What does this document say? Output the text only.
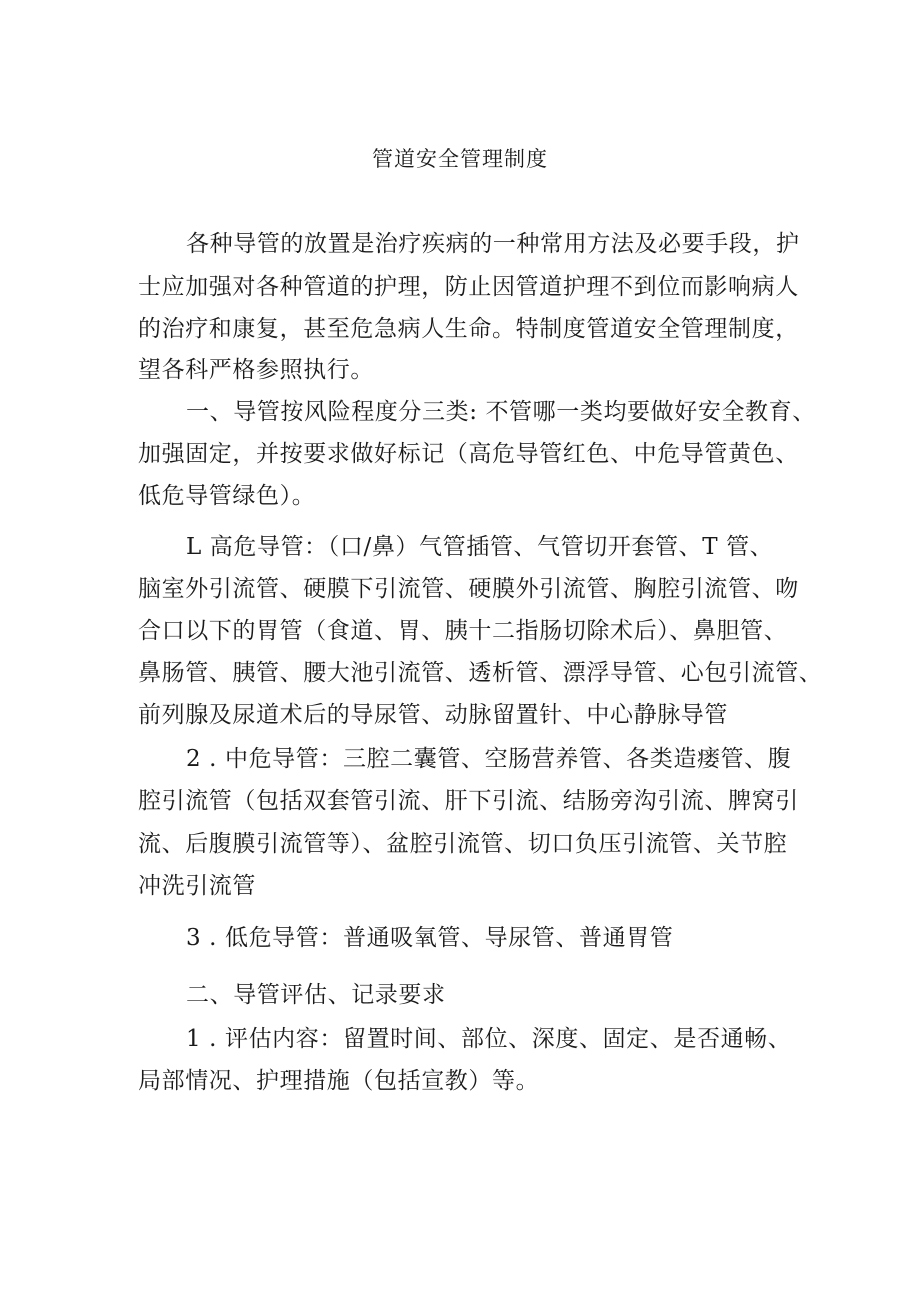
管道安全管理制度
各种导管的放置是治疗疾病的一种常用方法及必要手段，护
士应加强对各种管道的护理，防止因管道护理不到位而影响病人
的治疗和康复，甚至危急病人生命。特制度管道安全管理制度，
望各科严格参照执行。
一、导管按风险程度分三类: 不管哪一类均要做好安全教育、
加强固定，并按要求做好标记（高危导管红色、中危导管黄色、
低危导管绿色）。
L 高危导管：（口/鼻）气管插管、气管切开套管、T 管、
脑室外引流管、硬膜下引流管、硬膜外引流管、胸腔引流管、吻
合口以下的胃管（食道、胃、胰十二指肠切除术后）、鼻胆管、
鼻肠管、胰管、腰大池引流管、透析管、漂浮导管、心包引流管、
前列腺及尿道术后的导尿管、动脉留置针、中心静脉导管
2 . 中危导管：三腔二囊管、空肠营养管、各类造瘘管、腹
腔引流管（包括双套管引流、肝下引流、结肠旁沟引流、脾窝引
流、后腹膜引流管等）、盆腔引流管、切口负压引流管、关节腔
冲洗引流管
3 . 低危导管：普通吸氧管、导尿管、普通胃管
二、导管评估、记录要求
1 . 评估内容：留置时间、部位、深度、固定、是否通畅、
局部情况、护理措施（包括宣教）等。
